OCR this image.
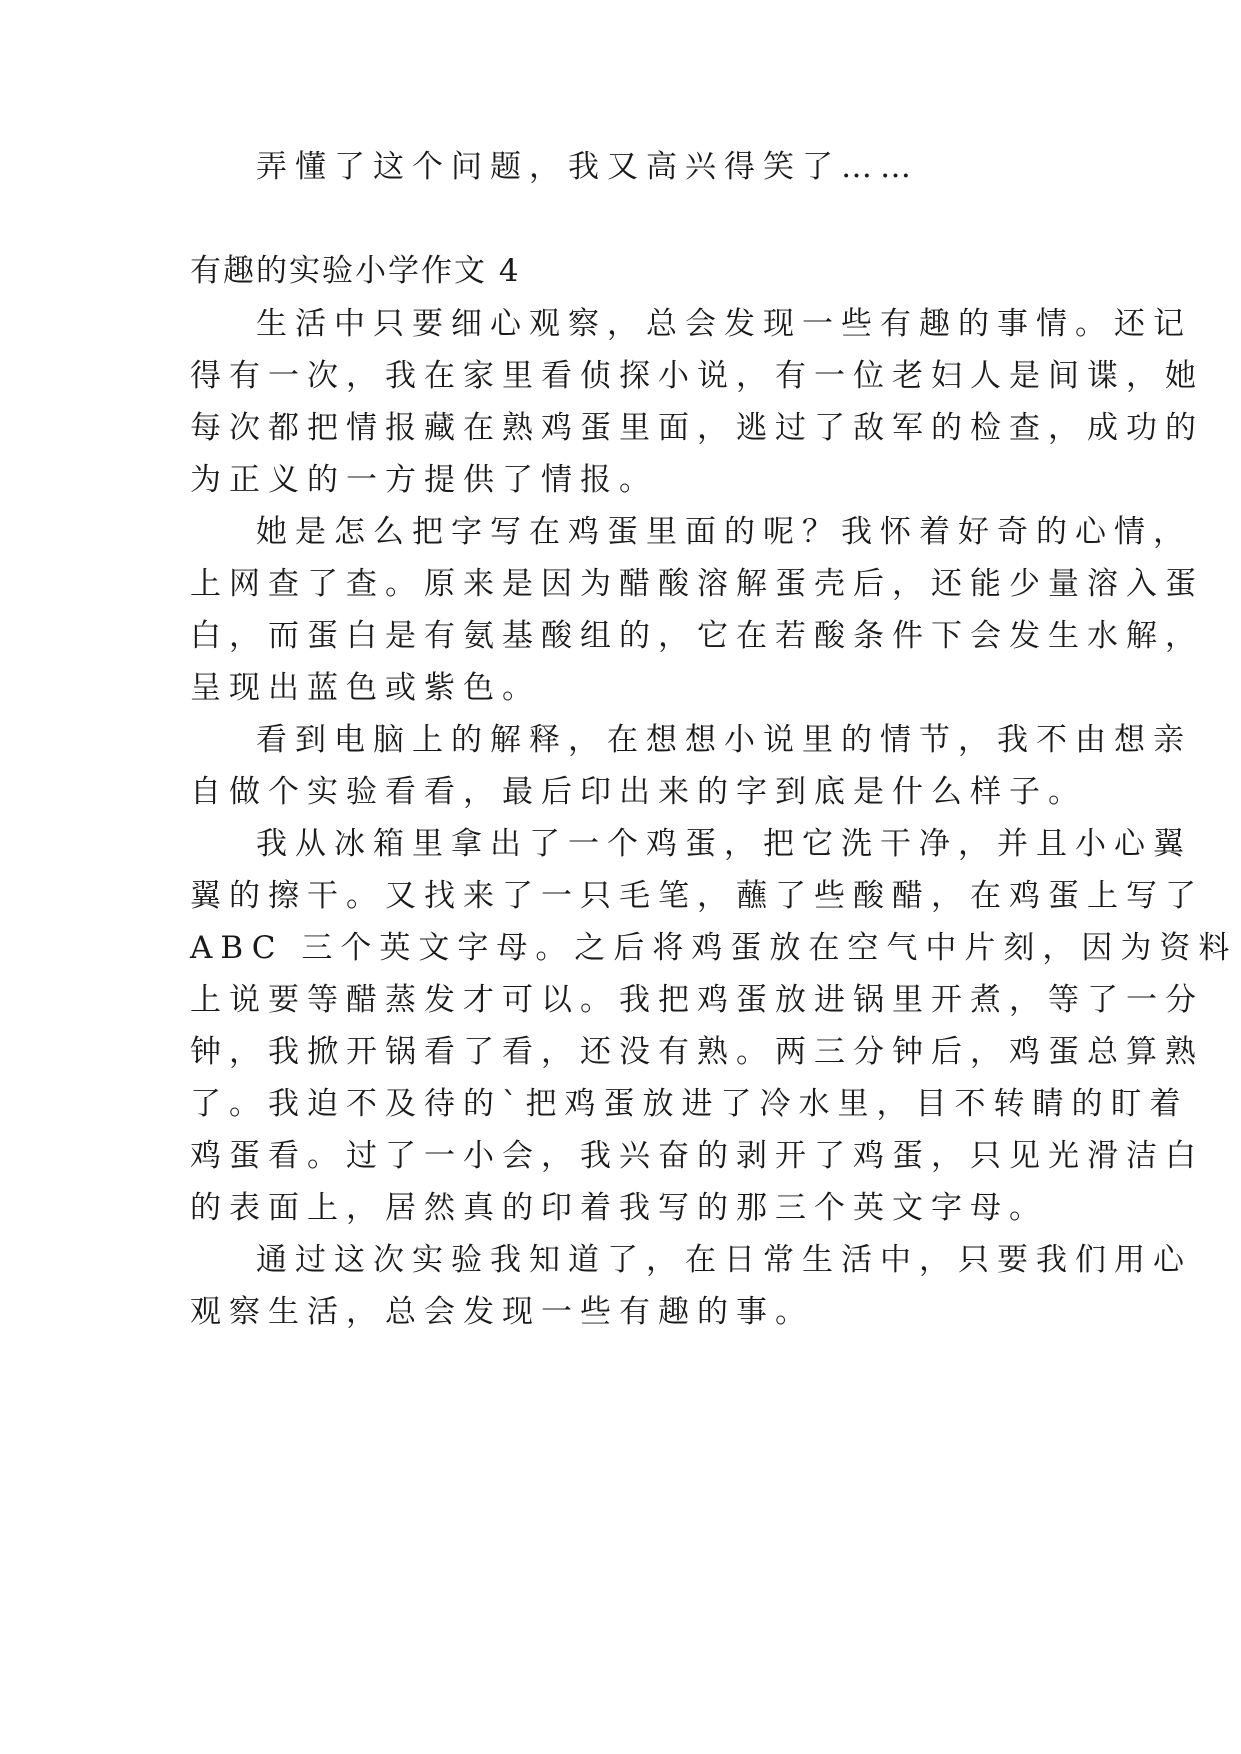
弄懂了这个问题，我又高兴得笑了……
有趣的实验小学作文 4
生活中只要细心观察，总会发现一些有趣的事情。还记
得有一次，我在家里看侦探小说，有一位老妇人是间谍，她
每次都把情报藏在熟鸡蛋里面，逃过了敌军的检查，成功的
为正义的一方提供了情报。
她是怎么把字写在鸡蛋里面的呢？我怀着好奇的心情，
上网查了查。原来是因为醋酸溶解蛋壳后，还能少量溶入蛋
白，而蛋白是有氨基酸组的，它在若酸条件下会发生水解，
呈现出蓝色或紫色。
看到电脑上的解释，在想想小说里的情节，我不由想亲
自做个实验看看，最后印出来的字到底是什么样子。
我从冰箱里拿出了一个鸡蛋，把它洗干净，并且小心翼
翼的擦干。又找来了一只毛笔，蘸了些酸醋，在鸡蛋上写了
ABC 三个英文字母。之后将鸡蛋放在空气中片刻，因为资料
上说要等醋蒸发才可以。我把鸡蛋放进锅里开煮，等了一分
钟，我掀开锅看了看，还没有熟。两三分钟后，鸡蛋总算熟
了。我迫不及待的`把鸡蛋放进了冷水里，目不转睛的盯着
鸡蛋看。过了一小会，我兴奋的剥开了鸡蛋，只见光滑洁白
的表面上，居然真的印着我写的那三个英文字母。
通过这次实验我知道了，在日常生活中，只要我们用心
观察生活，总会发现一些有趣的事。
